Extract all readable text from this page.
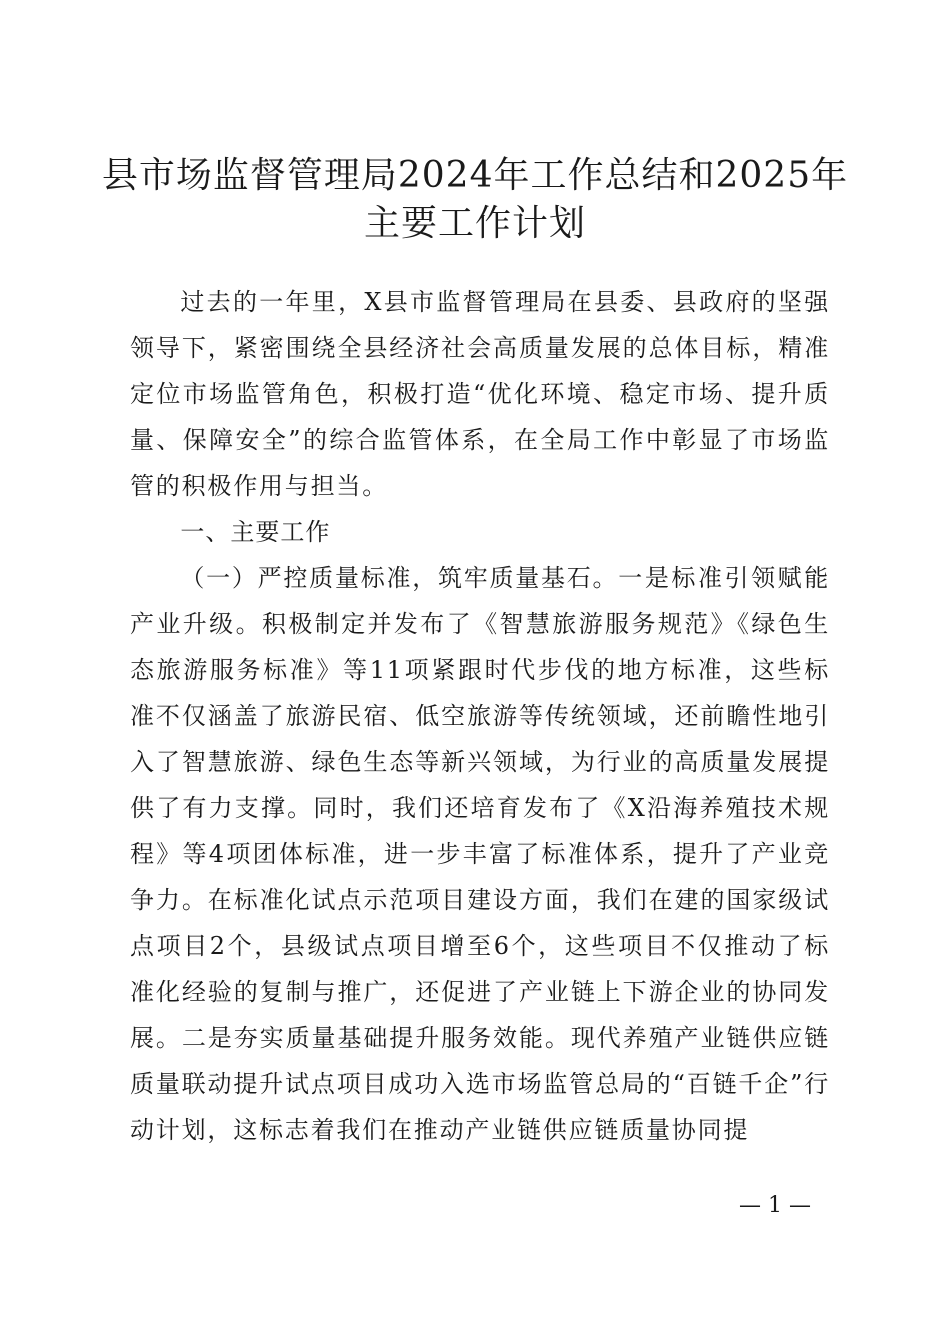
县市场监督管理局2024年工作总结和2025年
主要工作计划

过去的一年里，X县市监督管理局在县委、县政府的坚强领导下，紧密围绕全县经济社会高质量发展的总体目标，精准定位市场监管角色，积极打造“优化环境、稳定市场、提升质量、保障安全”的综合监管体系，在全局工作中彰显了市场监管的积极作用与担当。

一、主要工作

（一）严控质量标准，筑牢质量基石。一是标准引领赋能产业升级。积极制定并发布了《智慧旅游服务规范》《绿色生态旅游服务标准》等11项紧跟时代步伐的地方标准，这些标准不仅涵盖了旅游民宿、低空旅游等传统领域，还前瞻性地引入了智慧旅游、绿色生态等新兴领域，为行业的高质量发展提供了有力支撑。同时，我们还培育发布了《X沿海养殖技术规程》等4项团体标准，进一步丰富了标准体系，提升了产业竞争力。在标准化试点示范项目建设方面，我们在建的国家级试点项目2个，县级试点项目增至6个，这些项目不仅推动了标准化经验的复制与推广，还促进了产业链上下游企业的协同发展。二是夯实质量基础提升服务效能。现代养殖产业链供应链质量联动提升试点项目成功入选市场监管总局的“百链千企”行动计划，这标志着我们在推动产业链供应链质量协同提

— 1 —
